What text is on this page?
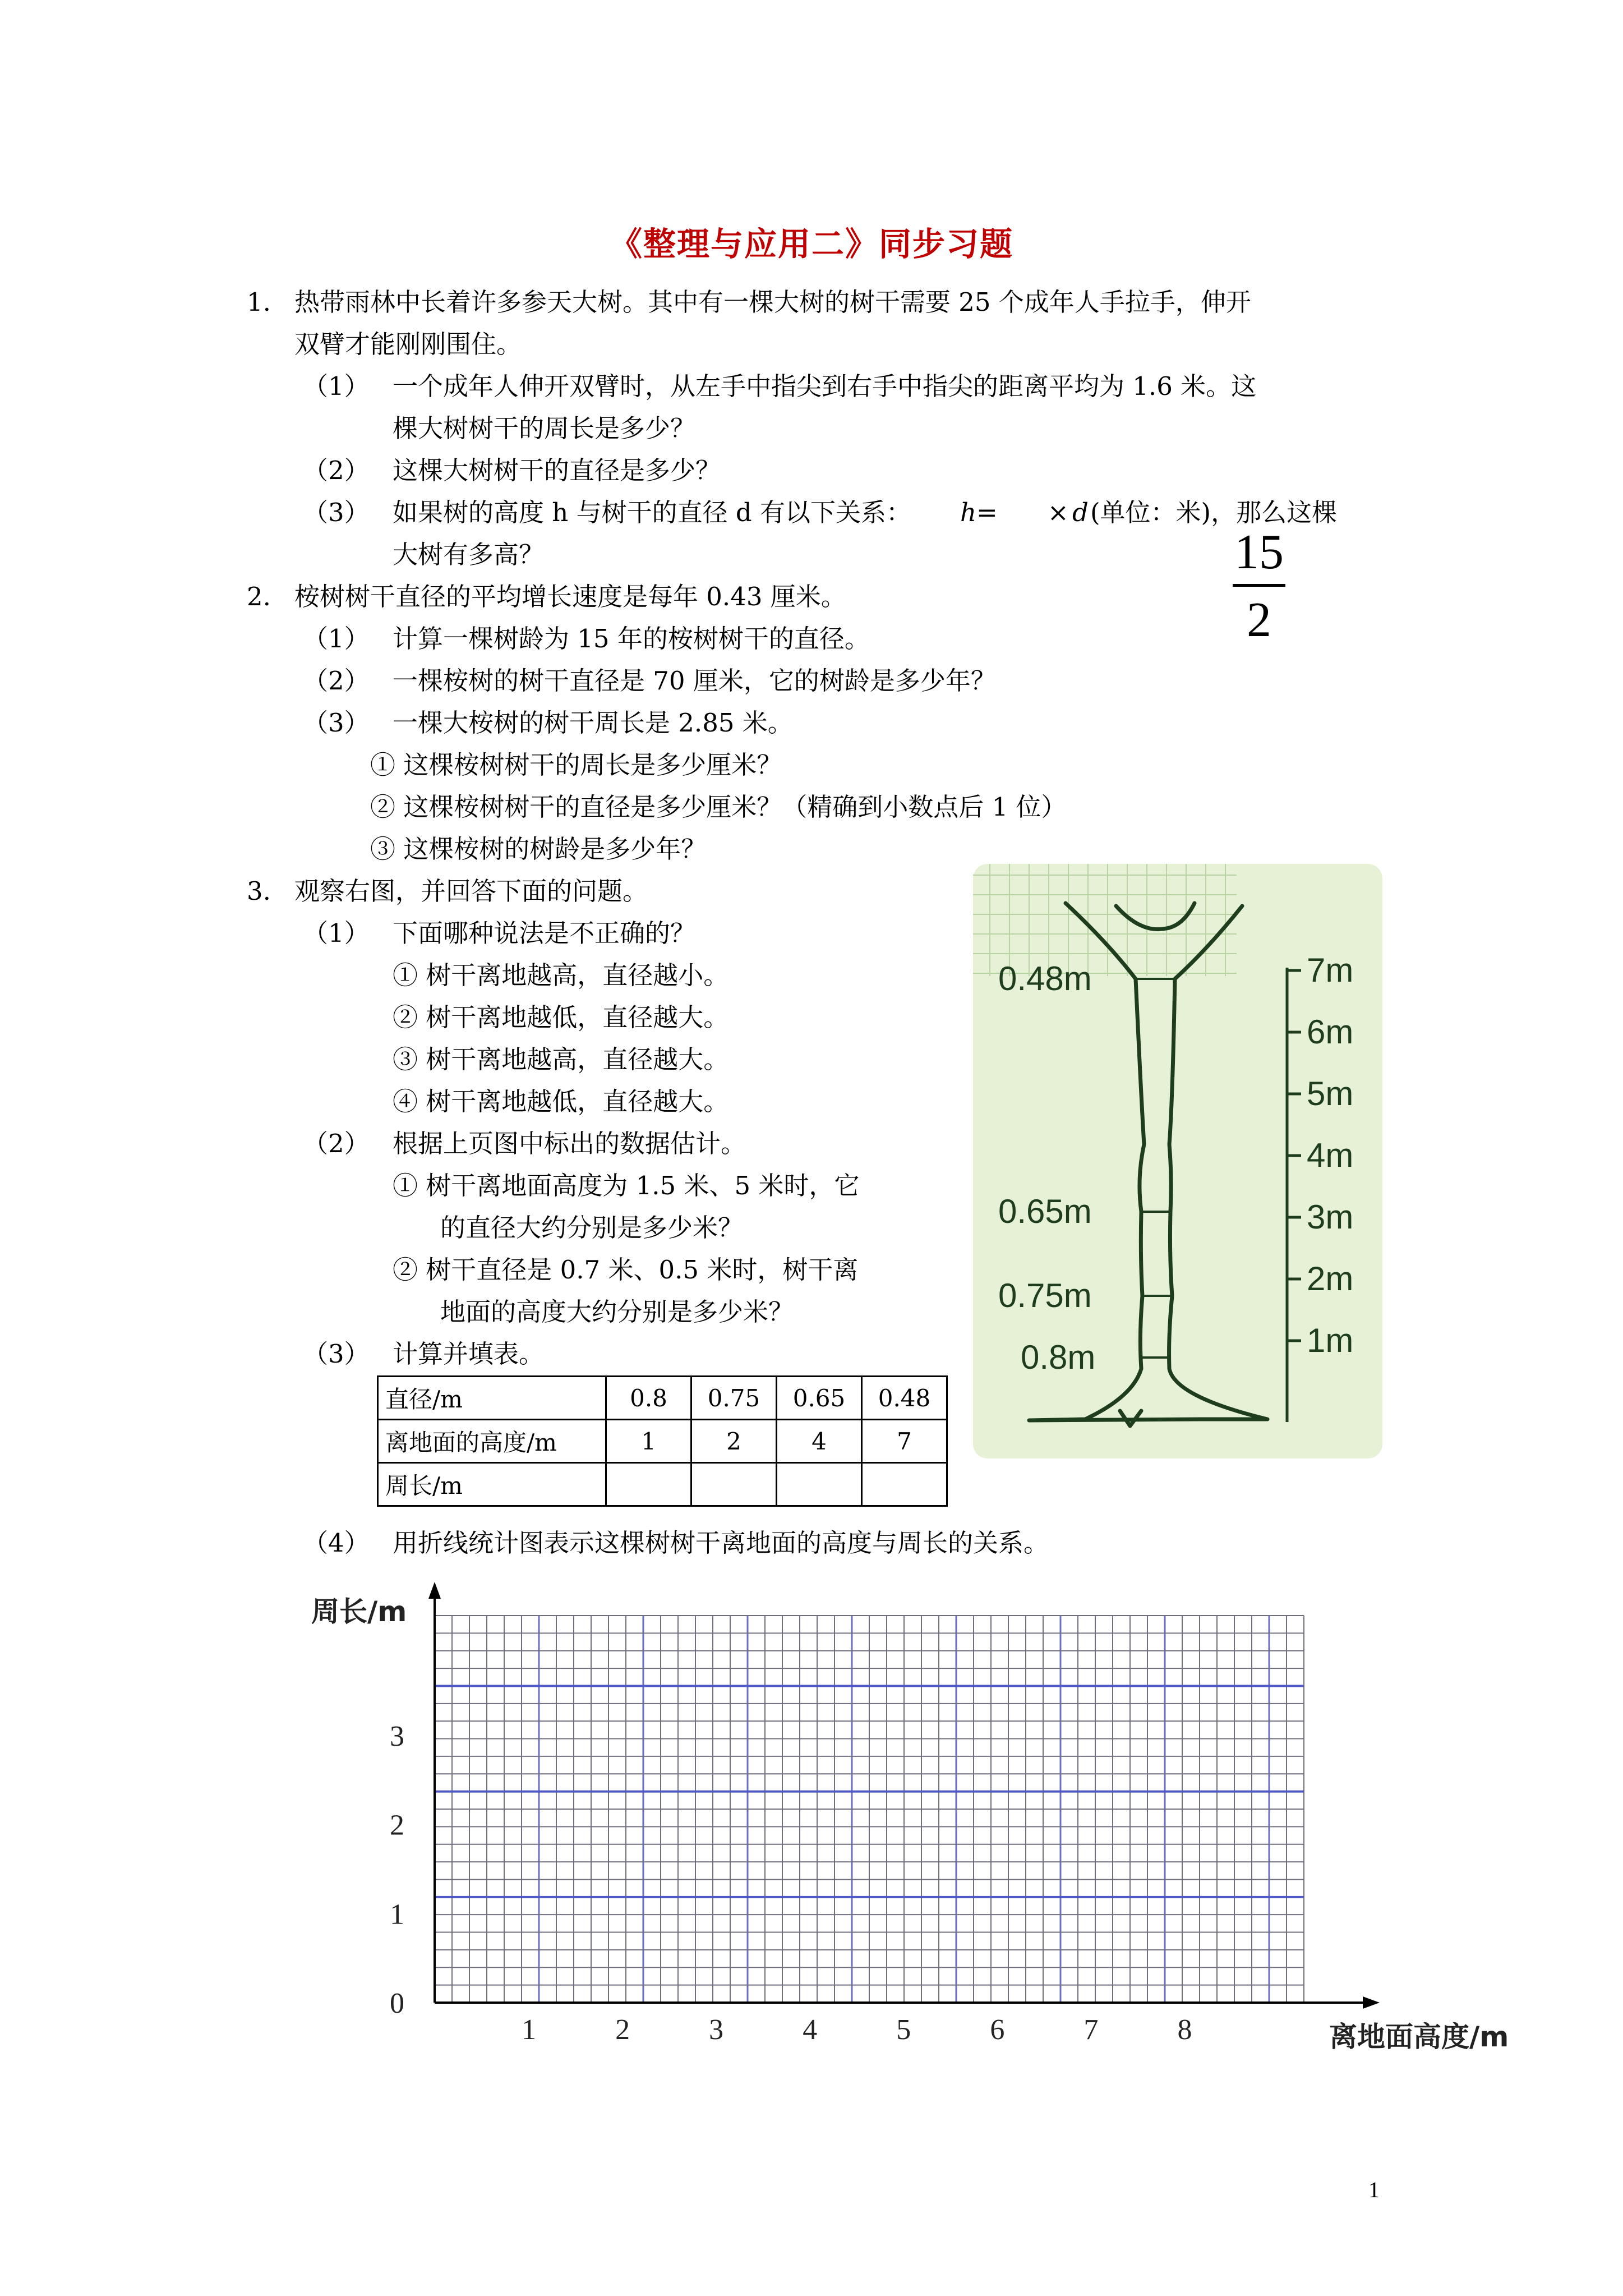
《整理与应用二》同步习题
1. 热带雨林中长着许多参天大树。其中有一棵大树的树干需要 25 个成年人手拉手，伸开
双臂才能刚刚围住。
（1） 一个成年人伸开双臂时，从左手中指尖到右手中指尖的距离平均为 1.6 米。这
棵大树树干的周长是多少？
（2） 这棵大树树干的直径是多少？
（3） 如果树的高度 h 与树干的直径 d 有以下关系： h= × d (单位：米)，那么这棵
大树有多高？	15
2
2. 桉树树干直径的平均增长速度是每年 0.43 厘米。
（1） 计算一棵树龄为 15 年的桉树树干的直径。
（2） 一棵桉树的树干直径是 70 厘米，它的树龄是多少年？
（3） 一棵大桉树的树干周长是 2.85 米。
① 这棵桉树树干的周长是多少厘米？
② 这棵桉树树干的直径是多少厘米？（精确到小数点后 1 位）
③ 这棵桉树的树龄是多少年？
3. 观察右图，并回答下面的问题。
（1） 下面哪种说法是不正确的？
① 树干离地越高，直径越小。
② 树干离地越低，直径越大。
③ 树干离地越高，直径越大。
④ 树干离地越低，直径越大。
（2） 根据上页图中标出的数据估计。
① 树干离地面高度为 1.5 米、5 米时，它
的直径大约分别是多少米？
② 树干直径是 0.7 米、0.5 米时，树干离
地面的高度大约分别是多少米？
（3） 计算并填表。
直径/m	0.8	0.75	0.65	0.48
离地面的高度/m	1	2	4	7
周长/m				
（4） 用折线统计图表示这棵树树干离地面的高度与周长的关系。
0.48m
0.65m
0.75m
0.8m
7m
6m
5m
4m
3m
2m
1m
1	2	3	4	5	6	7	8
0
1
2
3
离地面高度/m
周长/m
1
